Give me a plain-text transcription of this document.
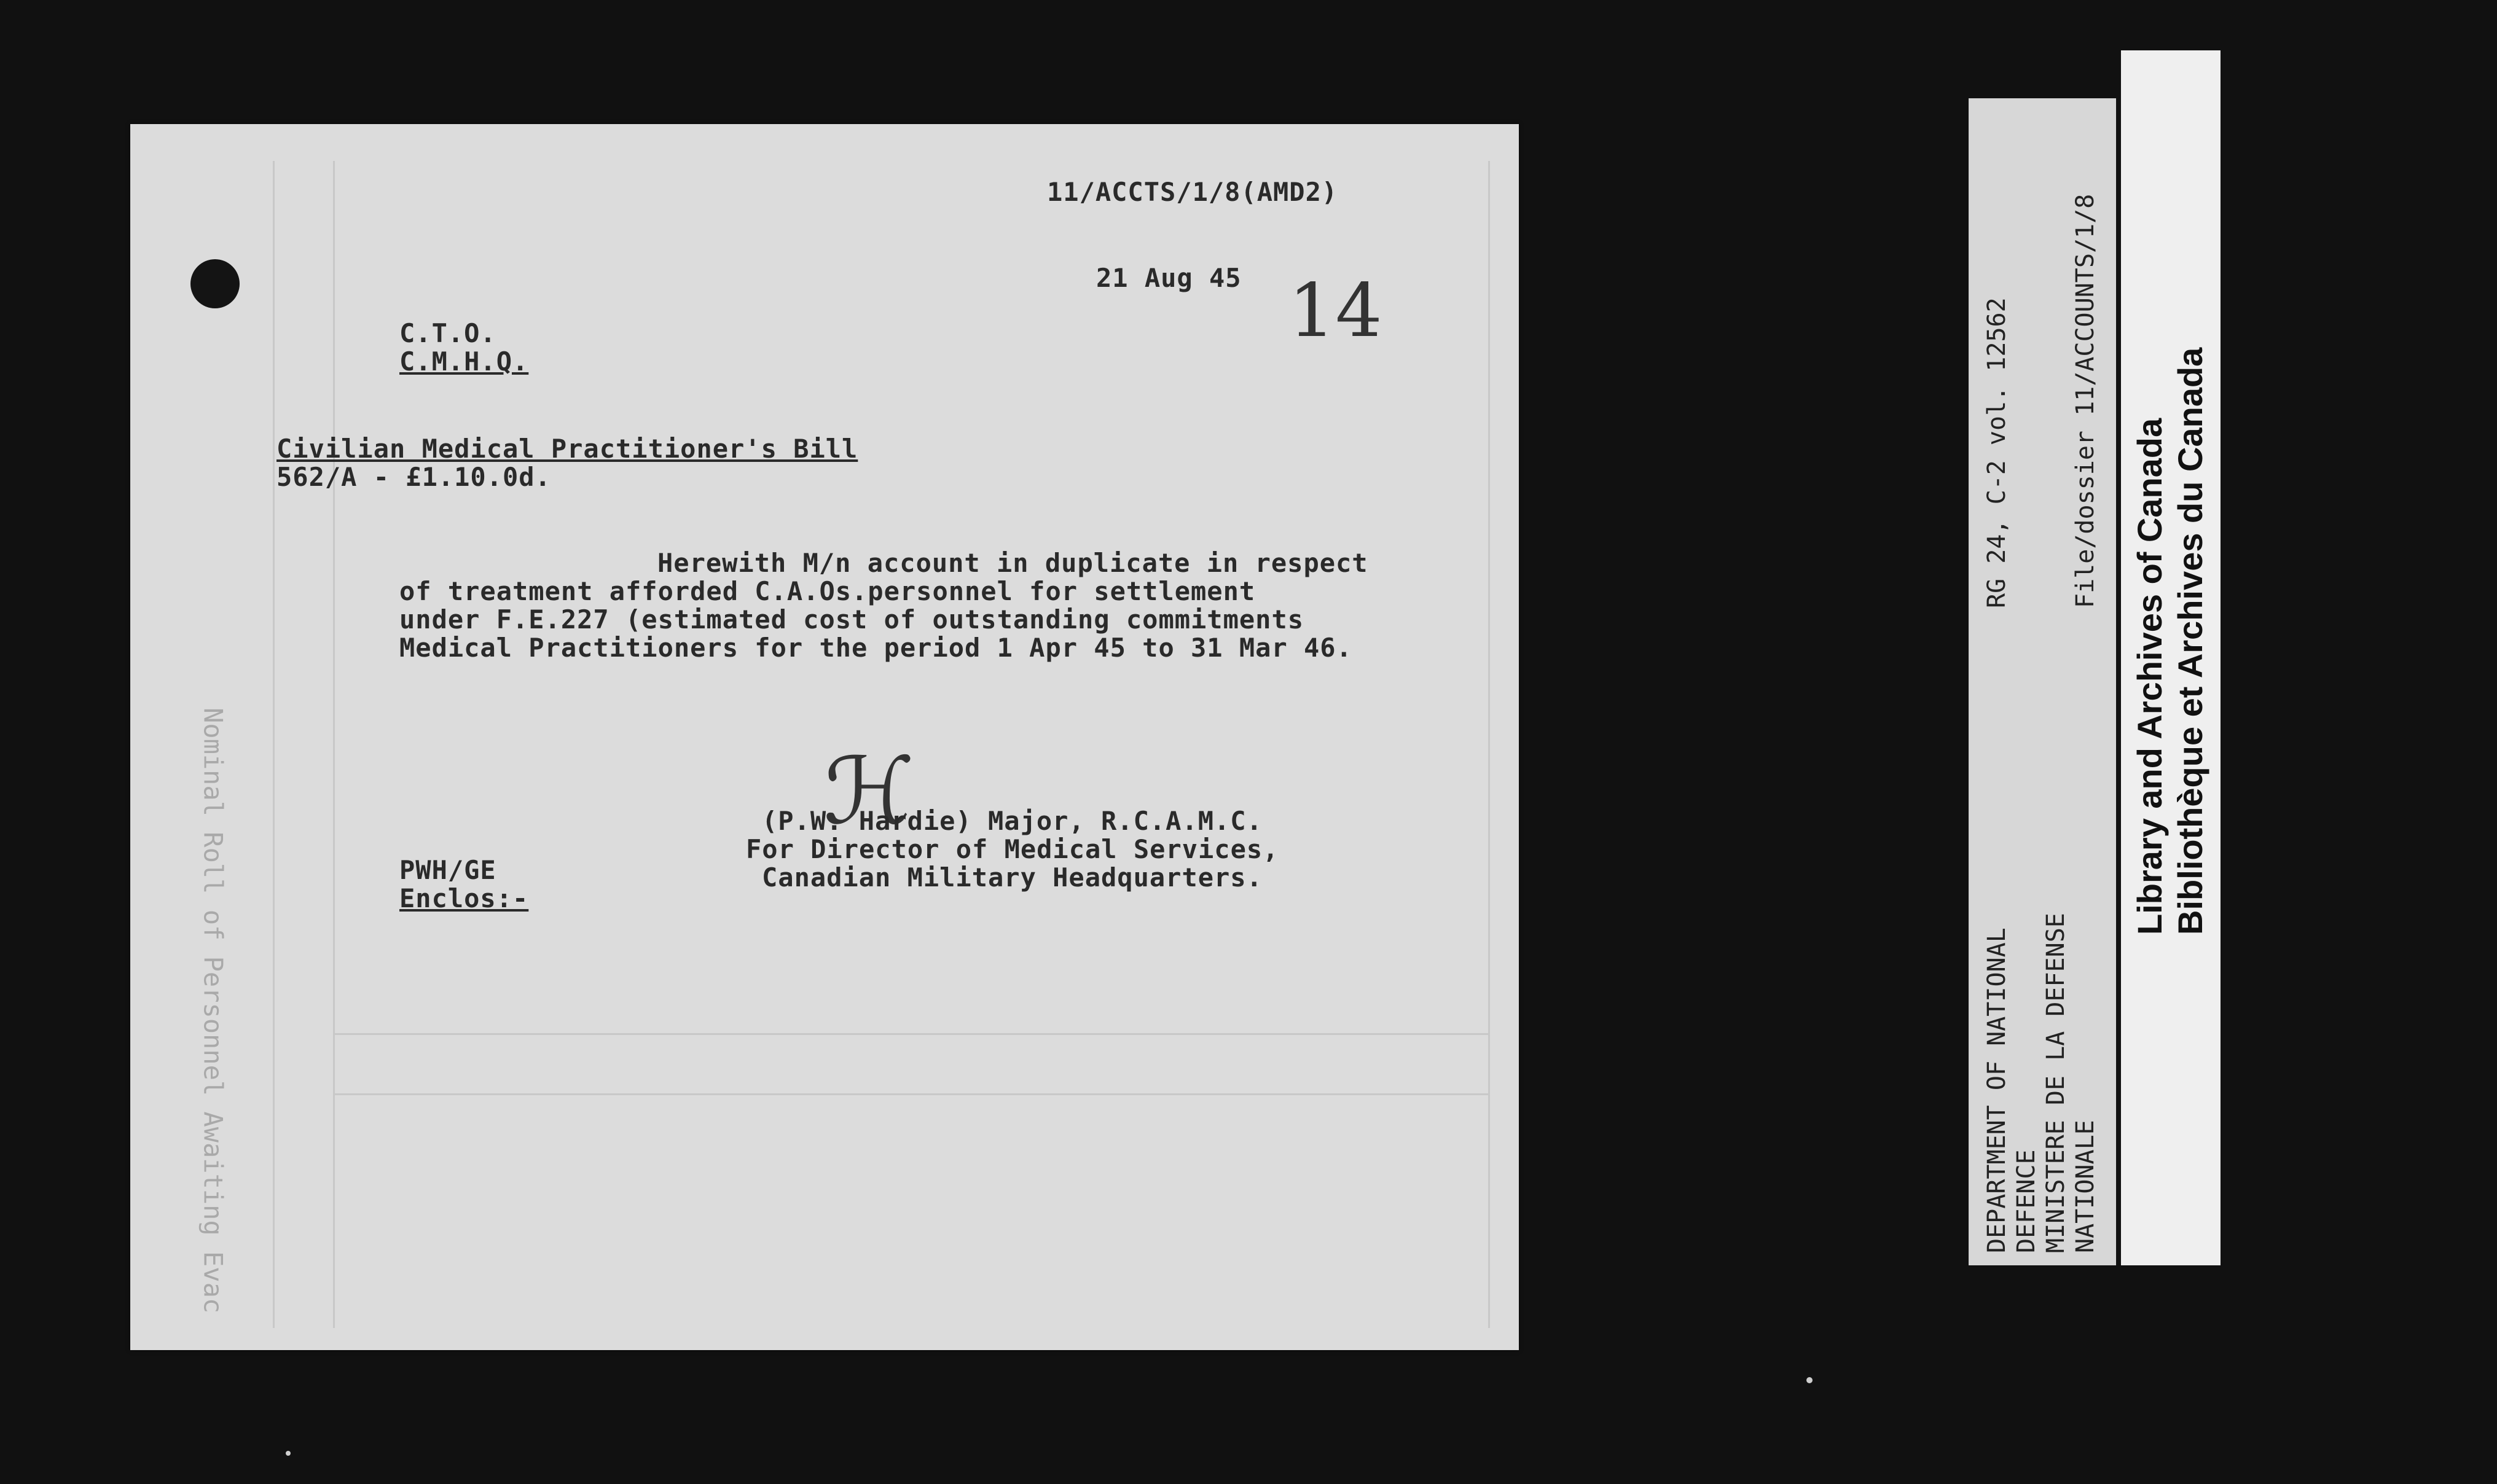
Nominal Roll of Personnel Awaiting Evac
11/ACCTS/1/8(AMD2)
21 Aug 45 14
C.T.O.
C.M.H.Q.
Civilian Medical Practitioner's Bill
562/A - £1.10.0d.
Herewith M/n account in duplicate in respect
of treatment afforded C.A.Os.personnel for settlement
under F.E.227 (estimated cost of outstanding commitments
Medical Practitioners for the period 1 Apr 45 to 31 Mar 46.
ℋ
(P.W. Hardie) Major, R.C.A.M.C.
For Director of Medical Services,
Canadian Military Headquarters.
PWH/GE
Enclos:-
DEPARTMENT OF NATIONAL DEFENCE MINISTERE DE LA DEFENSE NATIONALE
RG 24, C-2 vol. 12562 File/dossier 11/ACCOUNTS/1/8
Library and Archives of Canada Bibliothèque et Archives du Canada
